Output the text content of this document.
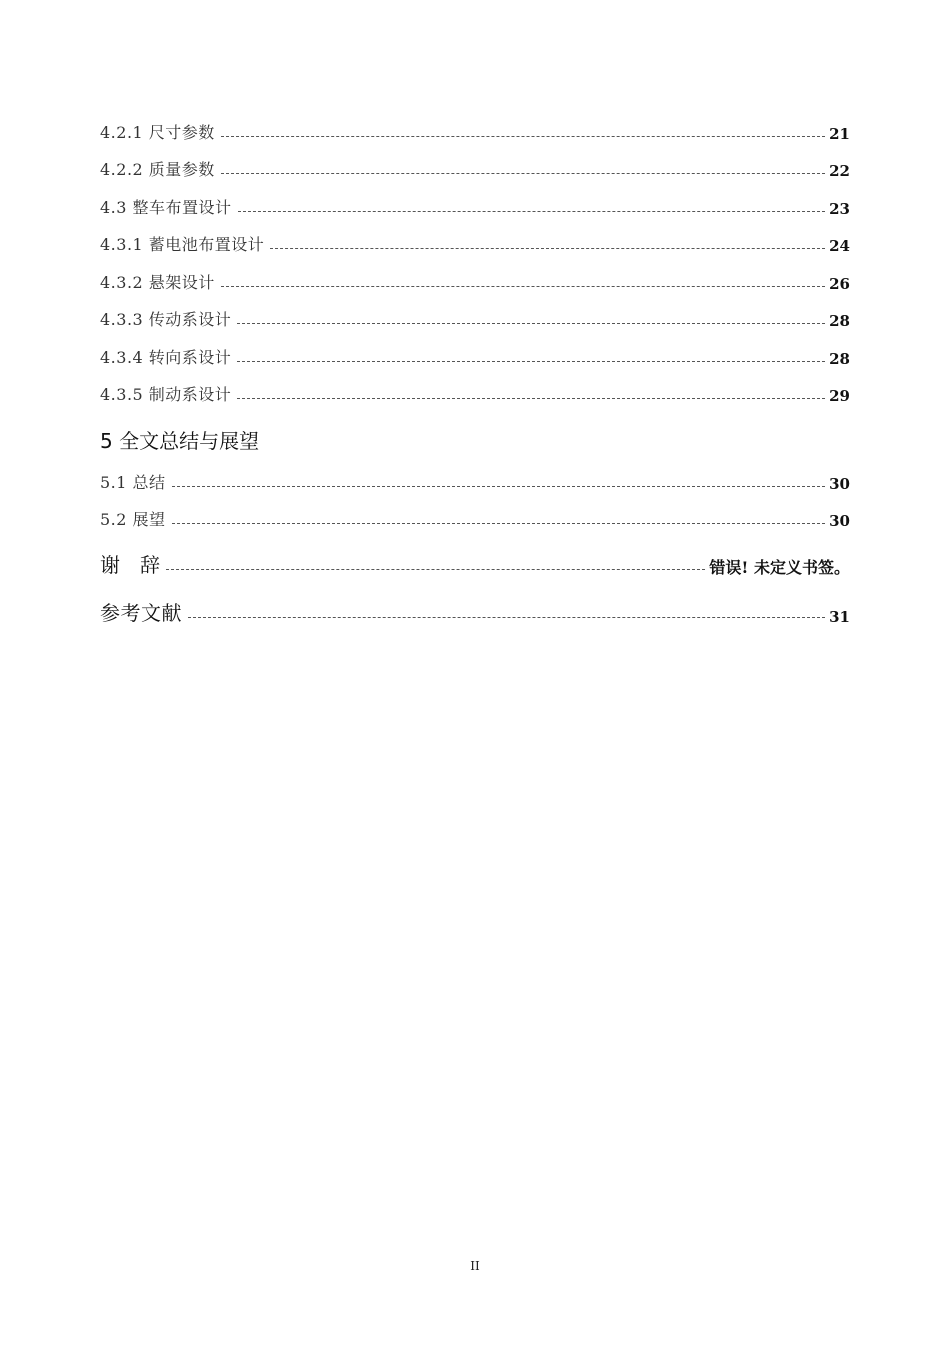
4.2.1 尺寸参数	21
4.2.2 质量参数	22
4.3 整车布置设计	23
4.3.1 蓄电池布置设计	24
4.3.2 悬架设计	26
4.3.3 传动系设计	28
4.3.4 转向系设计	28
4.3.5 制动系设计	29
5 全文总结与展望
5.1 总结	30
5.2 展望	30
谢　辞	错误! 未定义书签。
参考文献	31
II
